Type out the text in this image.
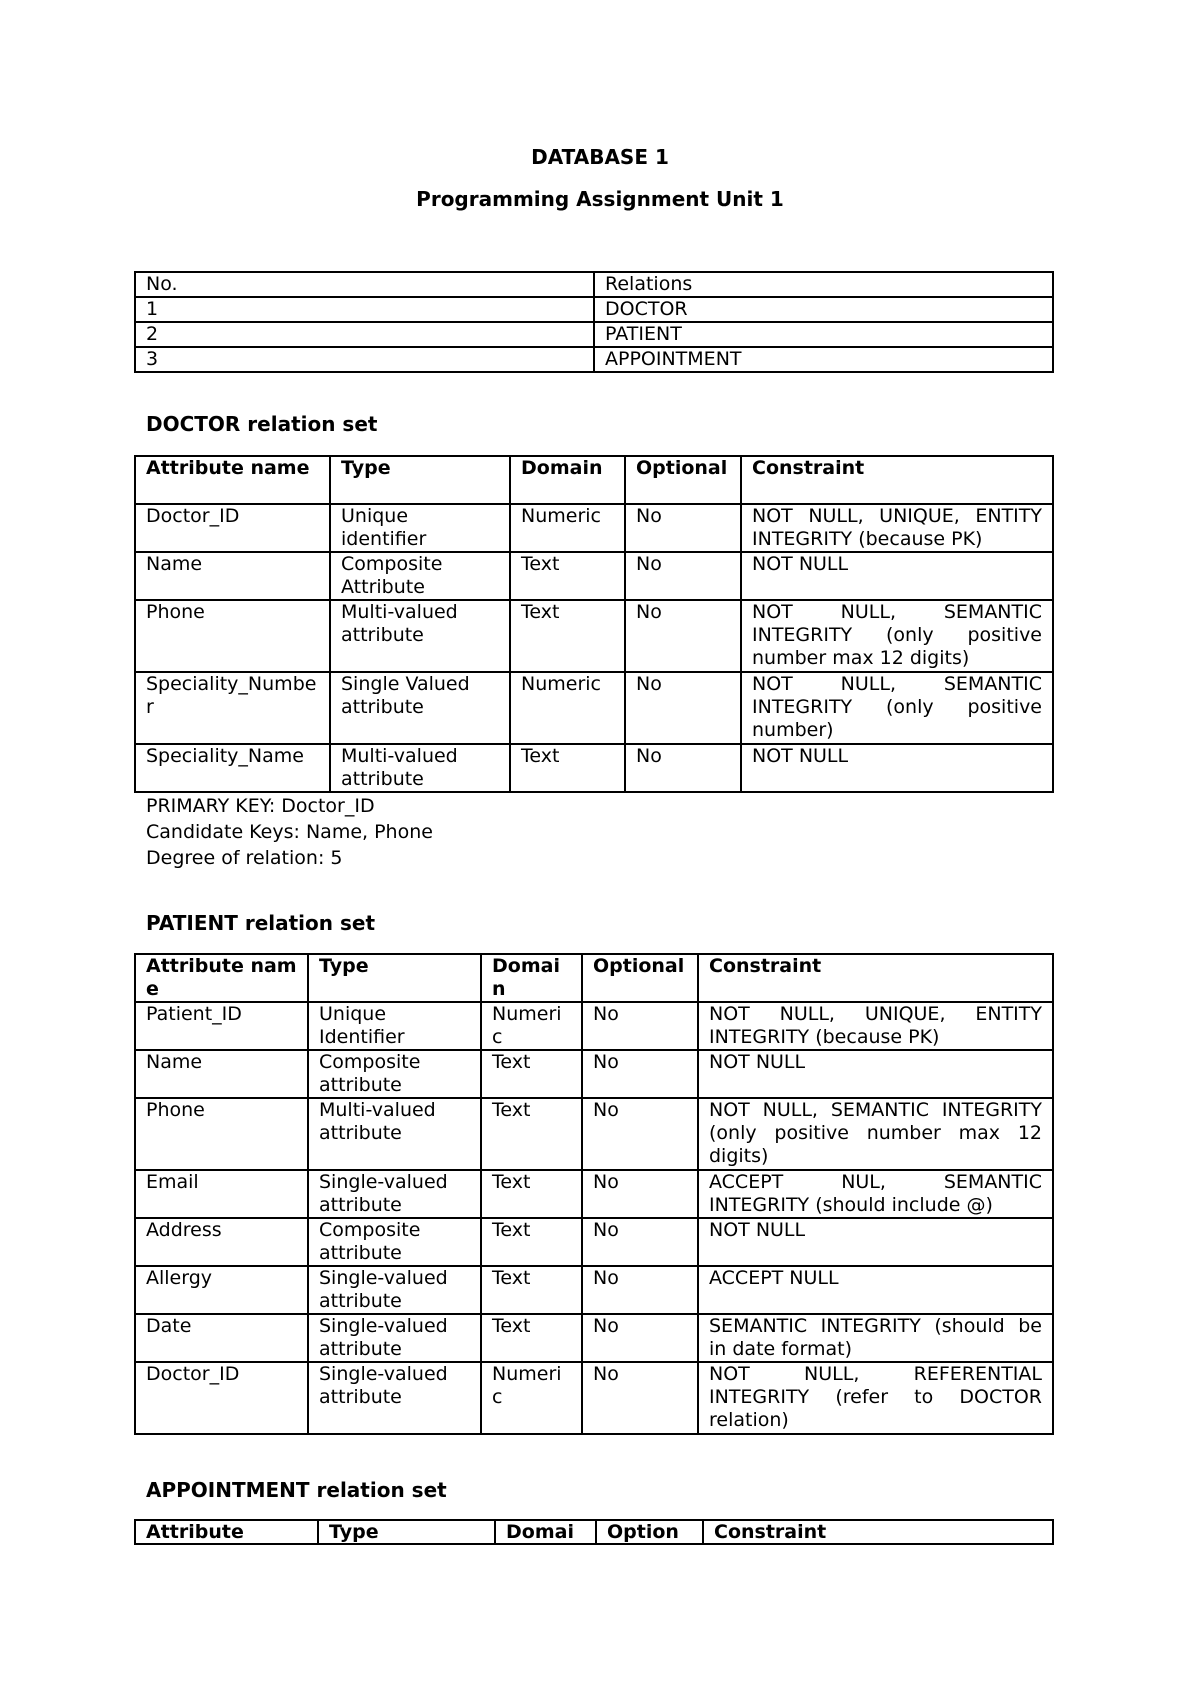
DATABASE 1
Programming Assignment Unit 1
No.	Relations
1	DOCTOR
2	PATIENT
3	APPOINTMENT
DOCTOR relation set
Attribute name	Type	Domain	Optional	Constraint
Doctor_ID	Unique identifier	Numeric	No	NOT NULL, UNIQUE, ENTITY INTEGRITY (because PK)
Name	Composite Attribute	Text	No	NOT NULL
Phone	Multi-valued attribute	Text	No	NOT NULL, SEMANTIC INTEGRITY (only positive number max 12 digits)
Speciality_Number	Single Valued attribute	Numeric	No	NOT NULL, SEMANTIC INTEGRITY (only positive number)
Speciality_Name	Multi-valued attribute	Text	No	NOT NULL
PRIMARY KEY: Doctor_ID
Candidate Keys: Name, Phone
Degree of relation: 5
PATIENT relation set
Attribute name	Type	Domain	Optional	Constraint
Patient_ID	Unique Identifier	Numeric	No	NOT NULL, UNIQUE, ENTITY INTEGRITY (because PK)
Name	Composite attribute	Text	No	NOT NULL
Phone	Multi-valued attribute	Text	No	NOT NULL, SEMANTIC INTEGRITY (only positive number max 12 digits)
Email	Single-valued attribute	Text	No	ACCEPT NUL, SEMANTIC INTEGRITY (should include @)
Address	Composite attribute	Text	No	NOT NULL
Allergy	Single-valued attribute	Text	No	ACCEPT NULL
Date	Single-valued attribute	Text	No	SEMANTIC INTEGRITY (should be in date format)
Doctor_ID	Single-valued attribute	Numeric	No	NOT NULL, REFERENTIAL INTEGRITY (refer to DOCTOR relation)
APPOINTMENT relation set
Attribute	Type	Domai	Option	Constraint
